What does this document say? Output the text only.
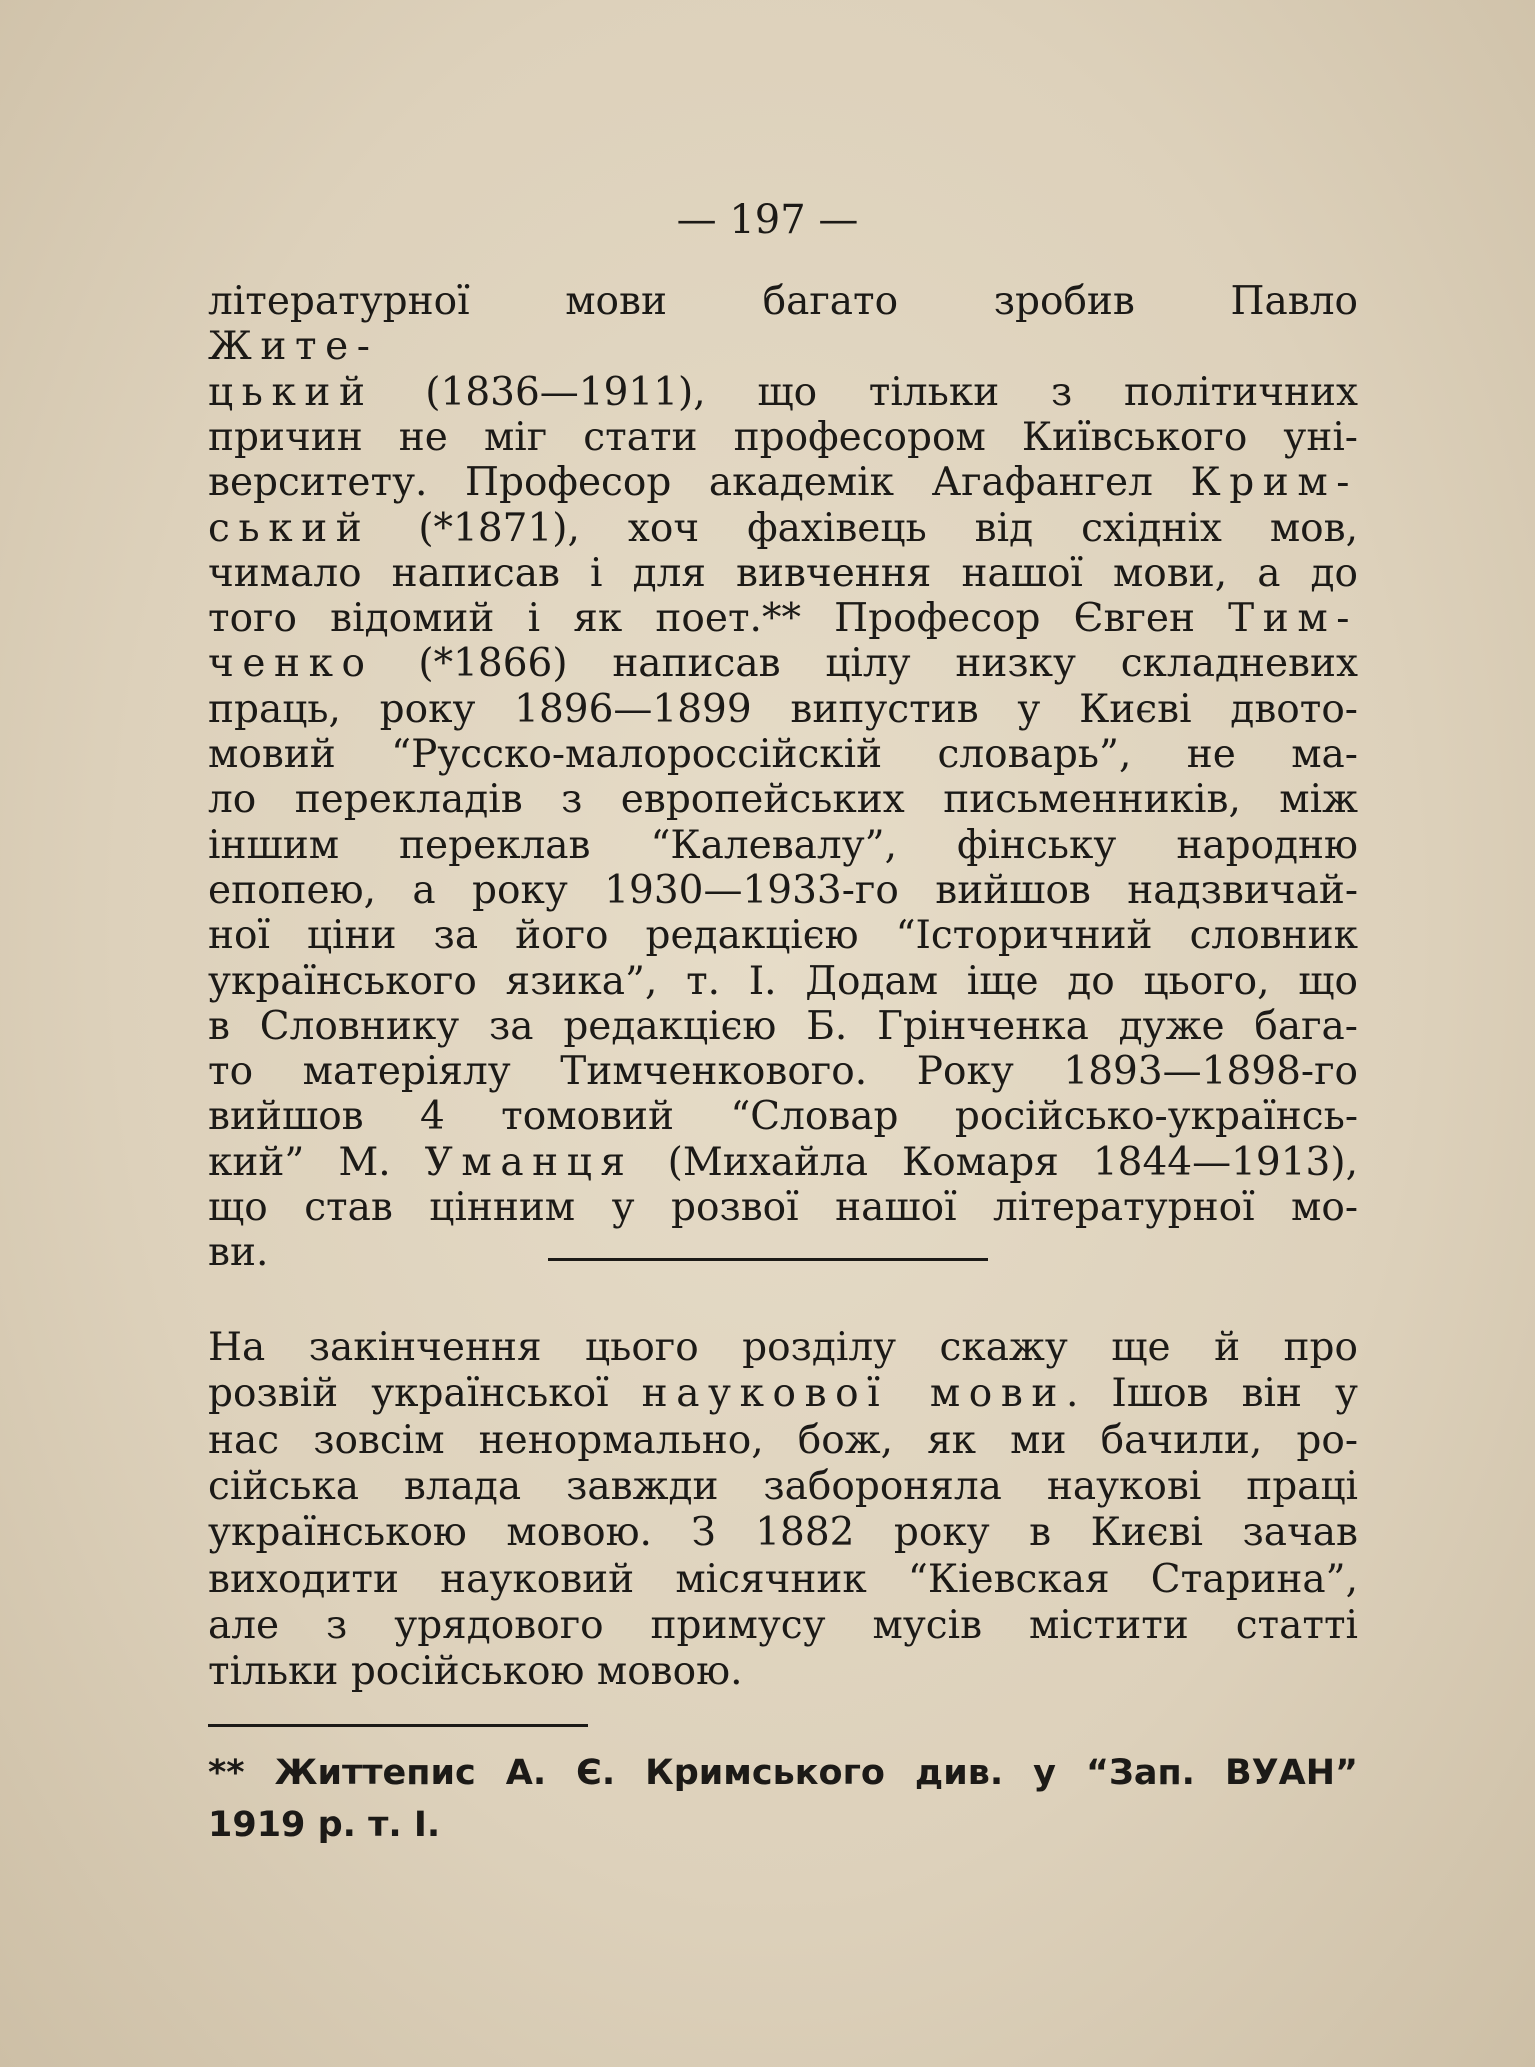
— 197 —

літературної мови багато зробив Павло

Жите-

цький (1836—1911), що тільки з політичних

причин не міг стати професором Київського уні-

верситету. Професор академік Агафангел Крим-

ський (*1871), хоч фахівець від східніх мов,

чимало написав і для вивчення нашої мови, а до

того відомий і як поет.** Професор Євген Тим-

ченко (*1866) написав цілу низку складневих

праць, року 1896—1899 випустив у Києві двото-

мовий “Русско-малороссійскій словарь”, не ма-

ло перекладів з европейських письменників, між

іншим переклав “Калевалу”, фінську народню

епопею, а року 1930—1933-го вийшов надзвичай-

ної ціни за його редакцією “Історичний словник

українського язика”, т. І. Додам іще до цього, що

в Словнику за редакцією Б. Грінченка дуже бага-

то матеріялу Тимченкового. Року 1893—1898-го

вийшов 4 томовий “Словар російсько-українсь-

кий” М. Уманця (Михайла Комаря 1844—1913),

що став цінним у розвої нашої літературної мо-

ви.

На закінчення цього розділу скажу ще й про

розвій української наукової мови. Ішов він у

нас зовсім ненормально, бож, як ми бачили, ро-

сійська влада завжди забороняла наукові праці

українською мовою. З 1882 року в Києві зачав

виходити науковий місячник “Кіевская Старина”,

але з урядового примусу мусів містити статті

тільки російською мовою.

** Життепис А. Є. Кримського див. у “Зап. ВУАН”

1919 р. т. І.
